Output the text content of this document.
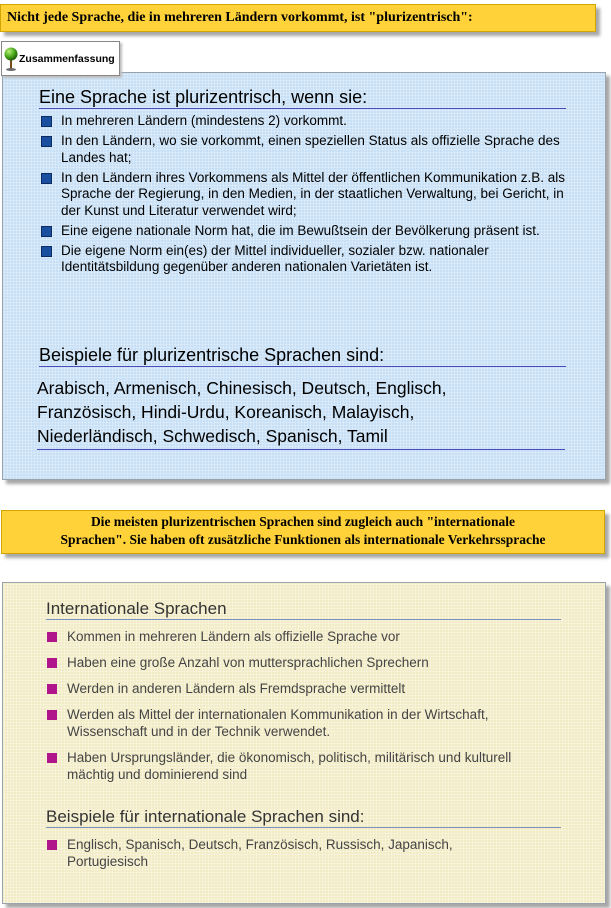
Nicht jede Sprache, die in mehreren Ländern vorkommt, ist "plurizentrisch":
Zusammenfassung
Eine Sprache ist plurizentrisch, wenn sie:
In mehreren Ländern (mindestens 2) vorkommt.
In den Ländern, wo sie vorkommt, einen speziellen Status als offizielle Sprache des Landes hat;
In den Ländern ihres Vorkommens als Mittel der öffentlichen Kommunikation z.B. als Sprache der Regierung, in den Medien, in der staatlichen Verwaltung, bei Gericht, in der Kunst und Literatur verwendet wird;
Eine eigene nationale Norm hat, die im Bewußtsein der Bevölkerung präsent ist.
Die eigene Norm ein(es) der Mittel individueller, sozialer bzw. nationaler Identitätsbildung gegenüber anderen nationalen Varietäten ist.
Beispiele für plurizentrische Sprachen sind:
Arabisch, Armenisch, Chinesisch, Deutsch, Englisch,
Französisch, Hindi-Urdu, Koreanisch, Malayisch,
Niederländisch, Schwedisch, Spanisch, Tamil
Die meisten plurizentrischen Sprachen sind zugleich auch "internationale
Sprachen". Sie haben oft zusätzliche Funktionen als internationale Verkehrssprache
Internationale Sprachen
Kommen in mehreren Ländern als offizielle Sprache vor
Haben eine große Anzahl von muttersprachlichen Sprechern
Werden in anderen Ländern als Fremdsprache vermittelt
Werden als Mittel der internationalen Kommunikation in der Wirtschaft, Wissenschaft und in der Technik verwendet.
Haben Ursprungsländer, die ökonomisch, politisch, militärisch und kulturell mächtig und dominierend sind
Beispiele für internationale Sprachen sind:
Englisch, Spanisch, Deutsch, Französisch, Russisch, Japanisch, Portugiesisch
